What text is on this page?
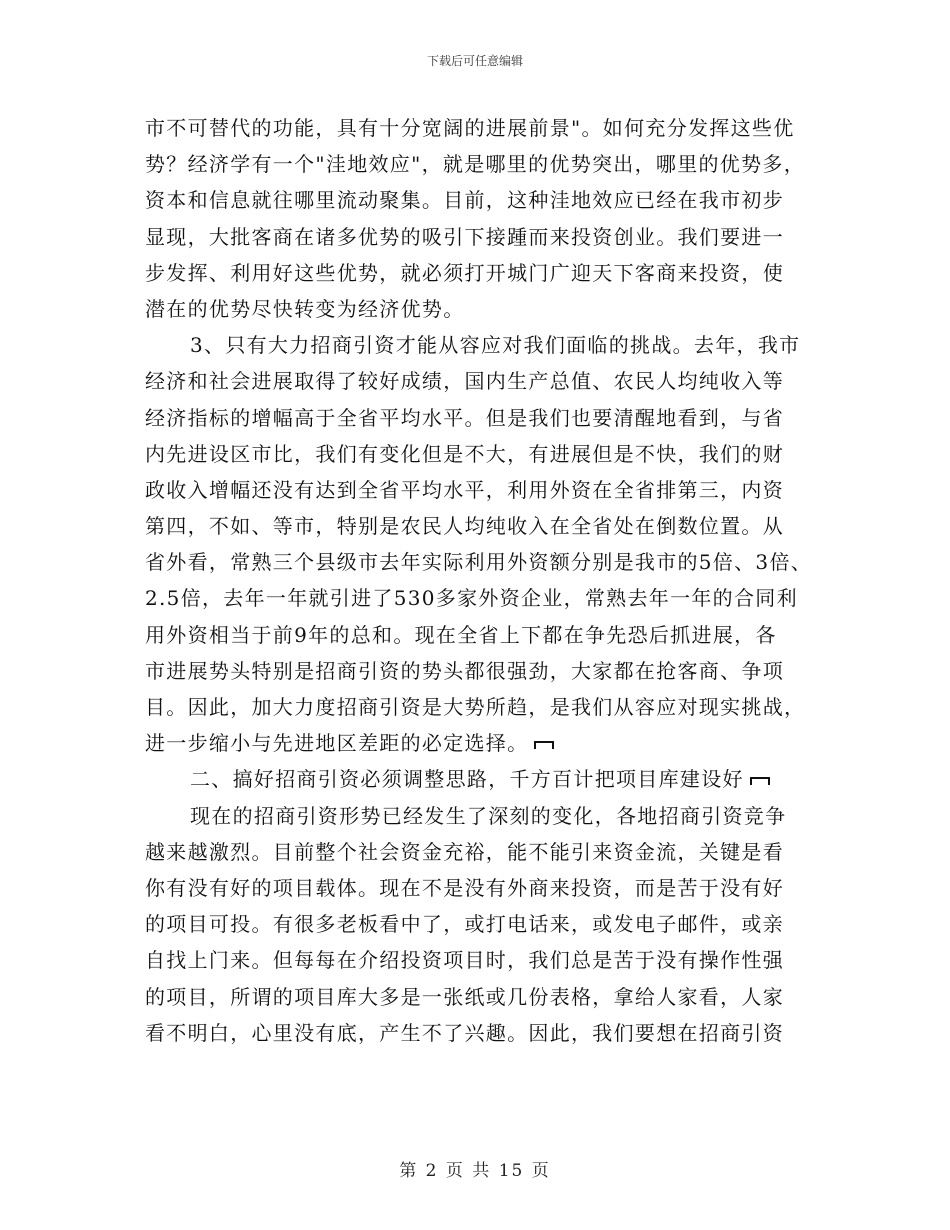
下载后可任意编辑
市不可替代的功能，具有十分宽阔的进展前景"。如何充分发挥这些优
势？经济学有一个"洼地效应"，就是哪里的优势突出，哪里的优势多，
资本和信息就往哪里流动聚集。目前，这种洼地效应已经在我市初步
显现，大批客商在诸多优势的吸引下接踵而来投资创业。我们要进一
步发挥、利用好这些优势，就必须打开城门广迎天下客商来投资，使
潜在的优势尽快转变为经济优势。
3、只有大力招商引资才能从容应对我们面临的挑战。去年，我市
经济和社会进展取得了较好成绩，国内生产总值、农民人均纯收入等
经济指标的增幅高于全省平均水平。但是我们也要清醒地看到，与省
内先进设区市比，我们有变化但是不大，有进展但是不快，我们的财
政收入增幅还没有达到全省平均水平，利用外资在全省排第三，内资
第四，不如、等市，特别是农民人均纯收入在全省处在倒数位置。从
省外看，常熟三个县级市去年实际利用外资额分别是我市的5倍、3倍、
2.5倍，去年一年就引进了530多家外资企业，常熟去年一年的合同利
用外资相当于前9年的总和。现在全省上下都在争先恐后抓进展，各
市进展势头特别是招商引资的势头都很强劲，大家都在抢客商、争项
目。因此，加大力度招商引资是大势所趋，是我们从容应对现实挑战，
进一步缩小与先进地区差距的必定选择。
二、搞好招商引资必须调整思路，千方百计把项目库建设好
现在的招商引资形势已经发生了深刻的变化，各地招商引资竞争
越来越激烈。目前整个社会资金充裕，能不能引来资金流，关键是看
你有没有好的项目载体。现在不是没有外商来投资，而是苦于没有好
的项目可投。有很多老板看中了，或打电话来，或发电子邮件，或亲
自找上门来。但每每在介绍投资项目时，我们总是苦于没有操作性强
的项目，所谓的项目库大多是一张纸或几份表格，拿给人家看，人家
看不明白，心里没有底，产生不了兴趣。因此，我们要想在招商引资
第 2 页 共 15 页
